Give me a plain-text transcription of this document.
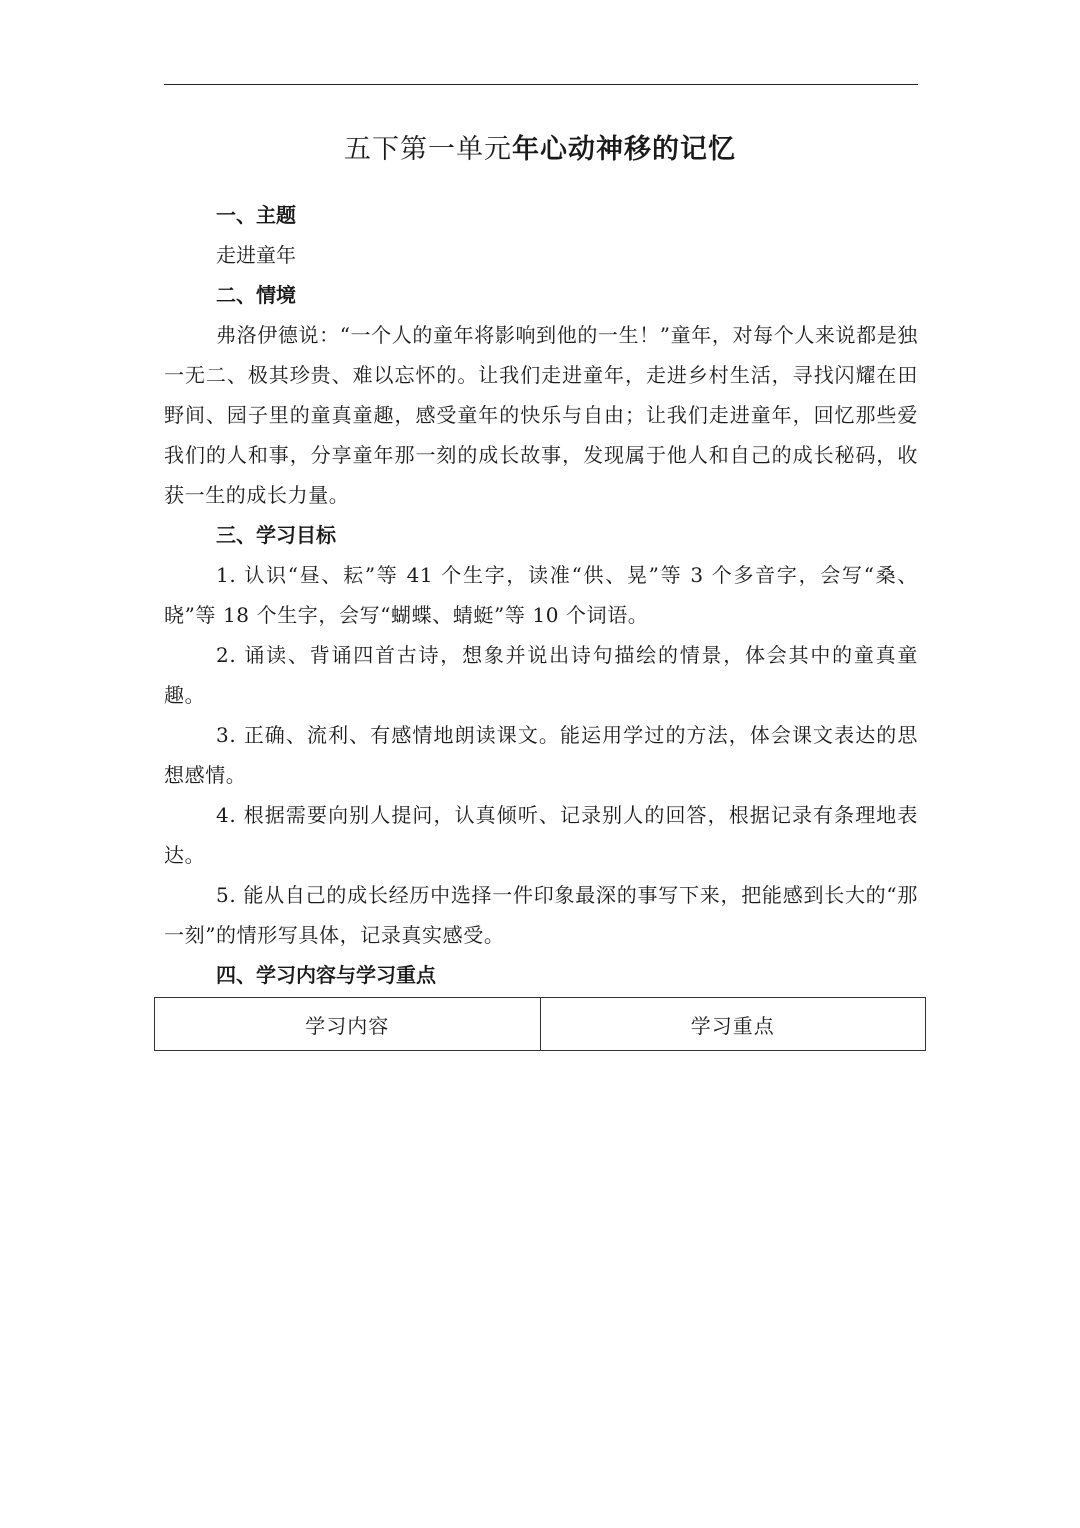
五下第一单元年心动神移的记忆

一、主题

走进童年

二、情境

弗洛伊德说：“一个人的童年将影响到他的一生！”童年，对每个人来说都是独一无二、极其珍贵、难以忘怀的。让我们走进童年，走进乡村生活，寻找闪耀在田野间、园子里的童真童趣，感受童年的快乐与自由；让我们走进童年，回忆那些爱我们的人和事，分享童年那一刻的成长故事，发现属于他人和自己的成长秘码，收获一生的成长力量。

三、学习目标

1. 认识“昼、耘”等 41 个生字，读准“供、晃”等 3 个多音字，会写“桑、晓”等 18 个生字，会写“蝴蝶、蜻蜓”等 10 个词语。

2. 诵读、背诵四首古诗，想象并说出诗句描绘的情景，体会其中的童真童趣。

3. 正确、流利、有感情地朗读课文。能运用学过的方法，体会课文表达的思想感情。

4. 根据需要向别人提问，认真倾听、记录别人的回答，根据记录有条理地表达。

5. 能从自己的成长经历中选择一件印象最深的事写下来，把能感到长大的“那一刻”的情形写具体，记录真实感受。

四、学习内容与学习重点

学习内容	学习重点
